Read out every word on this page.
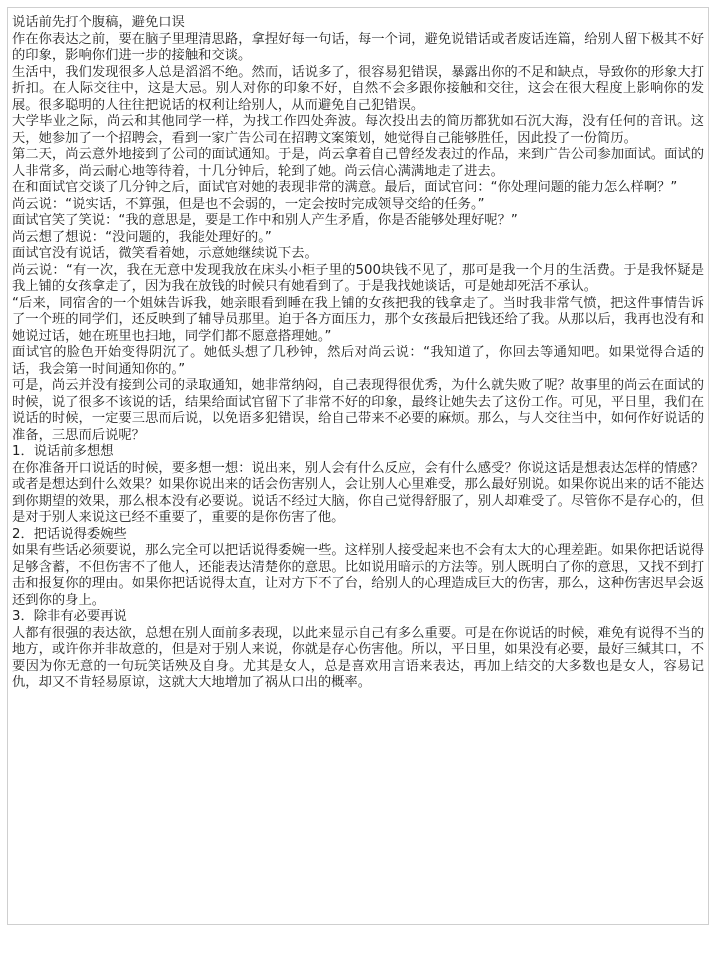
说话前先打个腹稿，避免口误

作在你表达之前，要在脑子里理清思路，拿捏好每一句话，每一个词，避免说错话或者废话连篇，给别人留下极其不好的印象，影响你们进一步的接触和交谈。

生活中，我们发现很多人总是滔滔不绝。然而，话说多了，很容易犯错误，暴露出你的不足和缺点，导致你的形象大打折扣。在人际交往中，这是大忌。别人对你的印象不好，自然不会多跟你接触和交往，这会在很大程度上影响你的发展。很多聪明的人往往把说话的权利让给别人，从而避免自己犯错误。

大学毕业之际，尚云和其他同学一样，为找工作四处奔波。每次投出去的简历都犹如石沉大海，没有任何的音讯。这天，她参加了一个招聘会，看到一家广告公司在招聘文案策划，她觉得自己能够胜任，因此投了一份简历。

第二天，尚云意外地接到了公司的面试通知。于是，尚云拿着自己曾经发表过的作品，来到广告公司参加面试。面试的人非常多，尚云耐心地等待着，十几分钟后，轮到了她。尚云信心满满地走了进去。

在和面试官交谈了几分钟之后，面试官对她的表现非常的满意。最后，面试官问：“你处理问题的能力怎么样啊？”

尚云说：“说实话，不算强，但是也不会弱的，一定会按时完成领导交给的任务。”

面试官笑了笑说：“我的意思是，要是工作中和别人产生矛盾，你是否能够处理好呢？”

尚云想了想说：“没问题的，我能处理好的。”

面试官没有说话，微笑看着她，示意她继续说下去。

尚云说：“有一次，我在无意中发现我放在床头小柜子里的500块钱不见了，那可是我一个月的生活费。于是我怀疑是我上铺的女孩拿走了，因为我在放钱的时候只有她看到了。于是我找她谈话，可是她却死活不承认。

“后来，同宿舍的一个姐妹告诉我，她亲眼看到睡在我上铺的女孩把我的钱拿走了。当时我非常气愤，把这件事情告诉了一个班的同学们，还反映到了辅导员那里。迫于各方面压力，那个女孩最后把钱还给了我。从那以后，我再也没有和她说过话，她在班里也扫地，同学们都不愿意搭理她。”

面试官的脸色开始变得阴沉了。她低头想了几秒钟，然后对尚云说：“我知道了，你回去等通知吧。如果觉得合适的话，我会第一时间通知你的。”

可是，尚云并没有接到公司的录取通知，她非常纳闷，自己表现得很优秀，为什么就失败了呢？故事里的尚云在面试的时候，说了很多不该说的话，结果给面试官留下了非常不好的印象，最终让她失去了这份工作。可见，平日里，我们在说话的时候，一定要三思而后说，以免语多犯错误，给自己带来不必要的麻烦。那么，与人交往当中，如何作好说话的准备，三思而后说呢？

1．说话前多想想

在你准备开口说话的时候，要多想一想：说出来，别人会有什么反应，会有什么感受？你说这话是想表达怎样的情感？或者是想达到什么效果？如果你说出来的话会伤害别人，会让别人心里难受，那么最好别说。如果你说出来的话不能达到你期望的效果，那么根本没有必要说。说话不经过大脑，你自己觉得舒服了，别人却难受了。尽管你不是存心的，但是对于别人来说这已经不重要了，重要的是你伤害了他。

2．把话说得委婉些

如果有些话必须要说，那么完全可以把话说得委婉一些。这样别人接受起来也不会有太大的心理差距。如果你把话说得足够含蓄，不但伤害不了他人，还能表达清楚你的意思。比如说用暗示的方法等。别人既明白了你的意思，又找不到打击和报复你的理由。如果你把话说得太直，让对方下不了台，给别人的心理造成巨大的伤害，那么，这种伤害迟早会返还到你的身上。

3．除非有必要再说

人都有很强的表达欲，总想在别人面前多表现，以此来显示自己有多么重要。可是在你说话的时候，难免有说得不当的地方，或许你并非故意的，但是对于别人来说，你就是存心伤害他。所以，平日里，如果没有必要，最好三缄其口，不要因为你无意的一句玩笑话殃及自身。尤其是女人，总是喜欢用言语来表达，再加上结交的大多数也是女人，容易记仇，却又不肯轻易原谅，这就大大地增加了祸从口出的概率。
